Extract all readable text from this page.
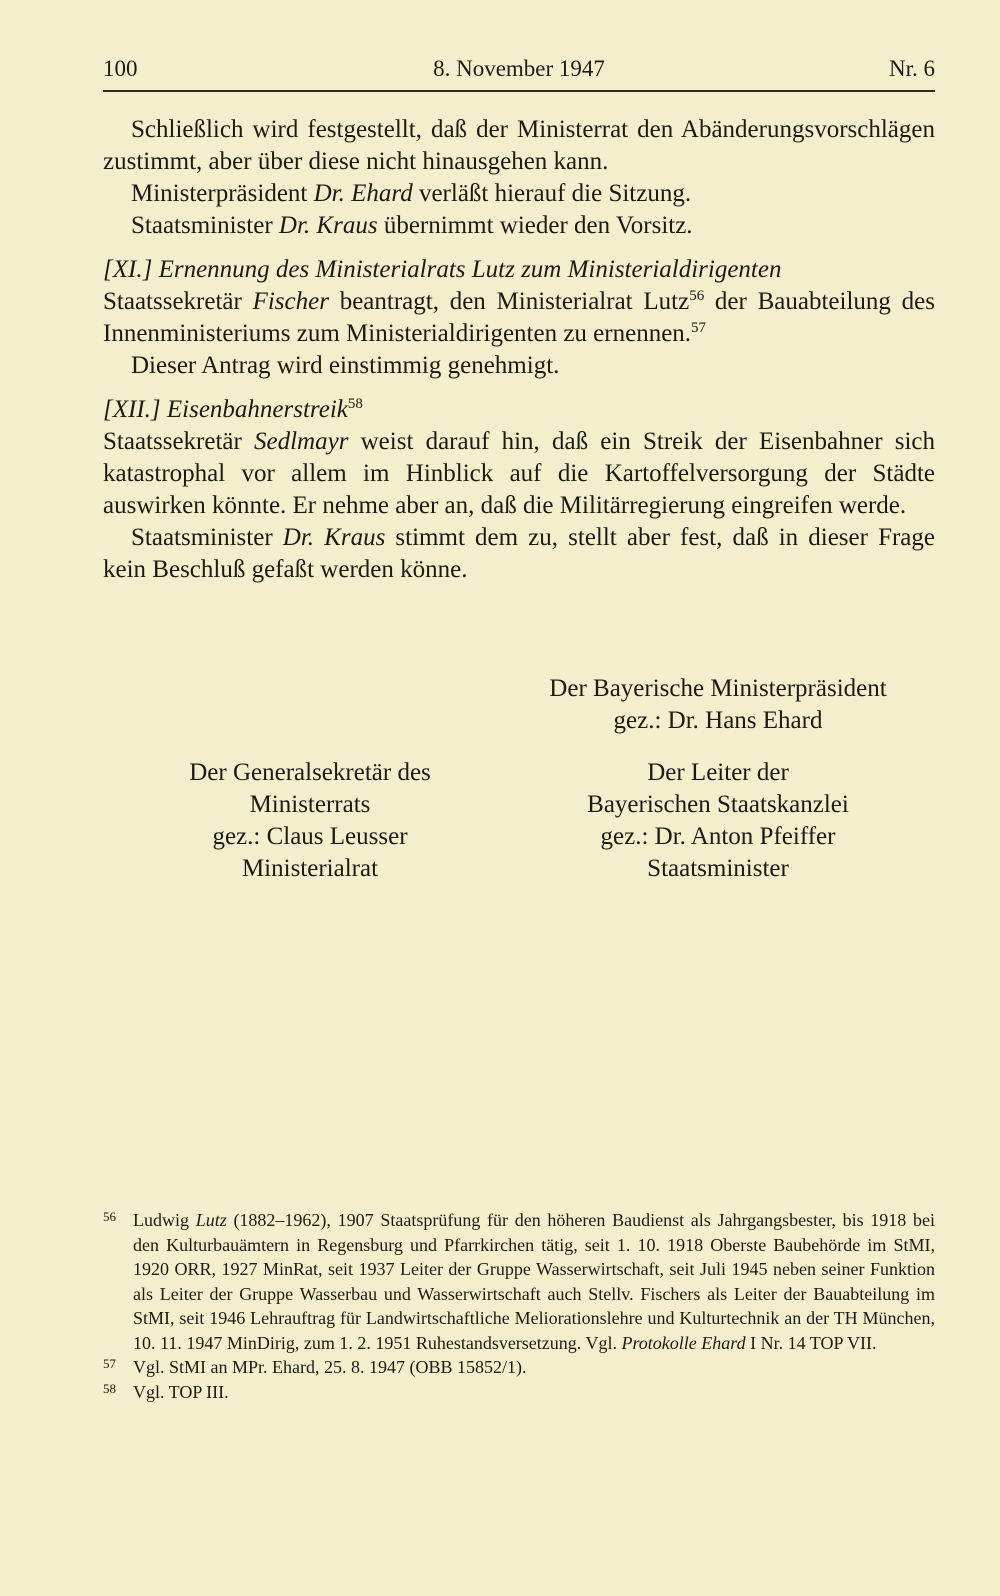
100	8. November 1947	Nr. 6

Schließlich wird festgestellt, daß der Ministerrat den Abänderungsvorschlägen zustimmt, aber über diese nicht hinausgehen kann.

Ministerpräsident Dr. Ehard verläßt hierauf die Sitzung.

Staatsminister Dr. Kraus übernimmt wieder den Vorsitz.

[XI.] Ernennung des Ministerialrats Lutz zum Ministerialdirigenten

Staatssekretär Fischer beantragt, den Ministerialrat Lutz$^{56}$ der Bauabteilung des Innenministeriums zum Ministerialdirigenten zu ernennen.$^{57}$

Dieser Antrag wird einstimmig genehmigt.

[XII.] Eisenbahnerstreik$^{58}$

Staatssekretär Sedlmayr weist darauf hin, daß ein Streik der Eisenbahner sich katastrophal vor allem im Hinblick auf die Kartoffelversorgung der Städte auswirken könnte. Er nehme aber an, daß die Militärregierung eingreifen werde.

Staatsminister Dr. Kraus stimmt dem zu, stellt aber fest, daß in dieser Frage kein Beschluß gefaßt werden könne.

Der Bayerische Ministerpräsident
gez.: Dr. Hans Ehard
Der Generalsekretär des
Ministerrats
gez.: Claus Leusser
Ministerialrat
Der Leiter der
Bayerischen Staatskanzlei
gez.: Dr. Anton Pfeiffer
Staatsminister
56 Ludwig Lutz (1882–1962), 1907 Staatsprüfung für den höheren Baudienst als Jahrgangsbester, bis 1918 bei den Kulturbauämtern in Regensburg und Pfarrkirchen tätig, seit 1. 10. 1918 Oberste Baubehörde im StMI, 1920 ORR, 1927 MinRat, seit 1937 Leiter der Gruppe Wasserwirtschaft, seit Juli 1945 neben seiner Funktion als Leiter der Gruppe Wasserbau und Wasserwirtschaft auch Stellv. Fischers als Leiter der Bauabteilung im StMI, seit 1946 Lehrauftrag für Landwirtschaftliche Meliorationslehre und Kulturtechnik an der TH München, 10. 11. 1947 MinDirig, zum 1. 2. 1951 Ruhestandsversetzung. Vgl. Protokolle Ehard I Nr. 14 TOP VII.
57 Vgl. StMI an MPr. Ehard, 25. 8. 1947 (OBB 15852/1).
58 Vgl. TOP III.
